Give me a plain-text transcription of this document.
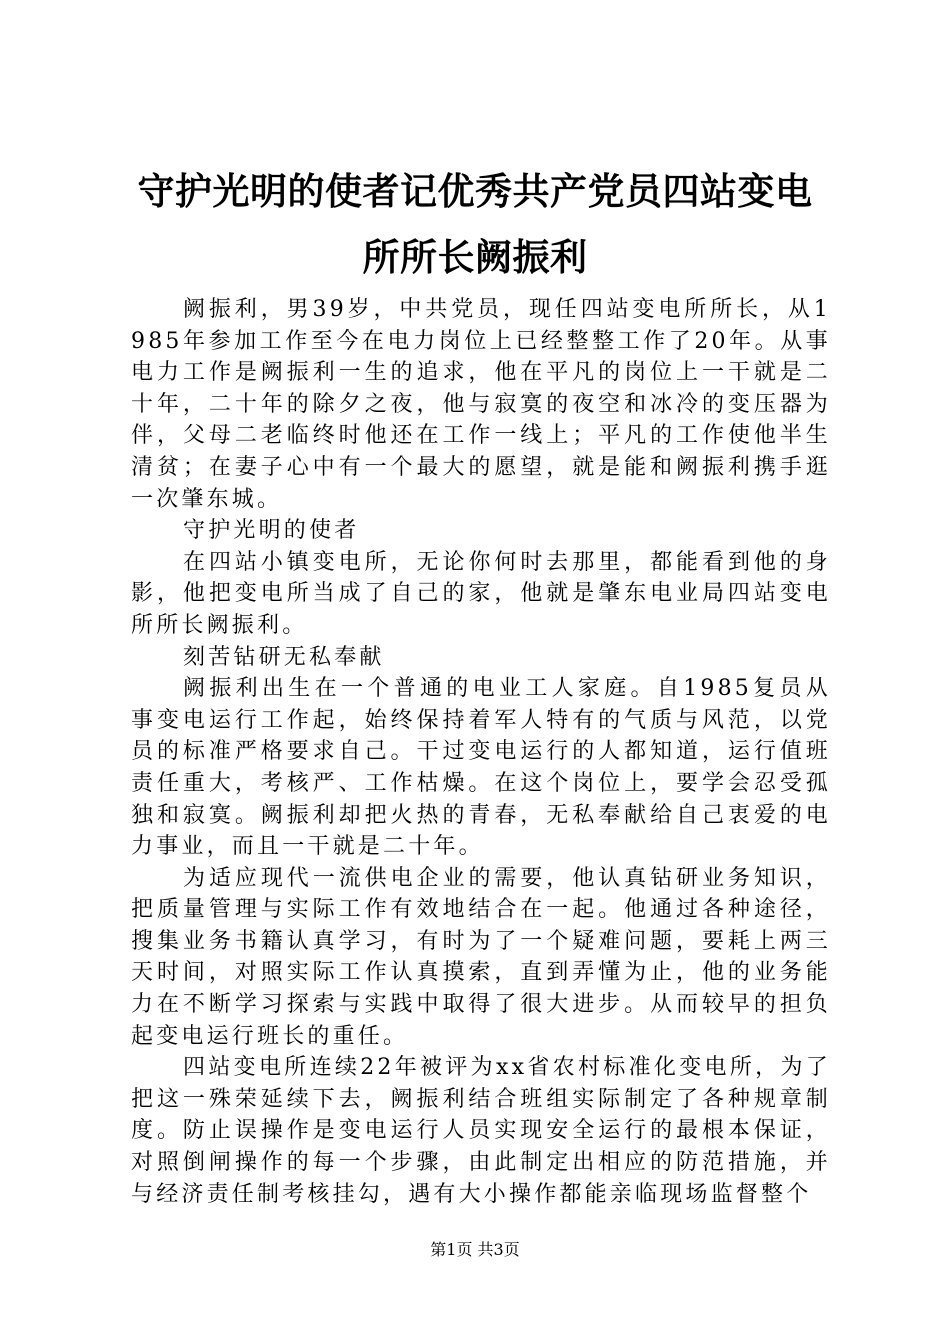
守护光明的使者记优秀共产党员四站变电所所长阙振利

阙振利，男39岁，中共党员，现任四站变电所所长，从1985年参加工作至今在电力岗位上已经整整工作了20年。从事电力工作是阙振利一生的追求，他在平凡的岗位上一干就是二十年，二十年的除夕之夜，他与寂寞的夜空和冰冷的变压器为伴，父母二老临终时他还在工作一线上；平凡的工作使他半生清贫；在妻子心中有一个最大的愿望，就是能和阙振利携手逛一次肇东城。

守护光明的使者

在四站小镇变电所，无论你何时去那里，都能看到他的身影，他把变电所当成了自己的家，他就是肇东电业局四站变电所所长阙振利。

刻苦钻研无私奉献

阙振利出生在一个普通的电业工人家庭。自1985复员从事变电运行工作起，始终保持着军人特有的气质与风范，以党员的标准严格要求自己。干过变电运行的人都知道，运行值班责任重大，考核严、工作枯燥。在这个岗位上，要学会忍受孤独和寂寞。阙振利却把火热的青春，无私奉献给自己衷爱的电力事业，而且一干就是二十年。

为适应现代一流供电企业的需要，他认真钻研业务知识，把质量管理与实际工作有效地结合在一起。他通过各种途径，搜集业务书籍认真学习，有时为了一个疑难问题，要耗上两三天时间，对照实际工作认真摸索，直到弄懂为止，他的业务能力在不断学习探索与实践中取得了很大进步。从而较早的担负起变电运行班长的重任。

四站变电所连续22年被评为xx省农村标准化变电所，为了把这一殊荣延续下去，阙振利结合班组实际制定了各种规章制度。防止误操作是变电运行人员实现安全运行的最根本保证，对照倒闸操作的每一个步骤，由此制定出相应的防范措施，并与经济责任制考核挂勾，遇有大小操作都能亲临现场监督整个

第1页 共3页
